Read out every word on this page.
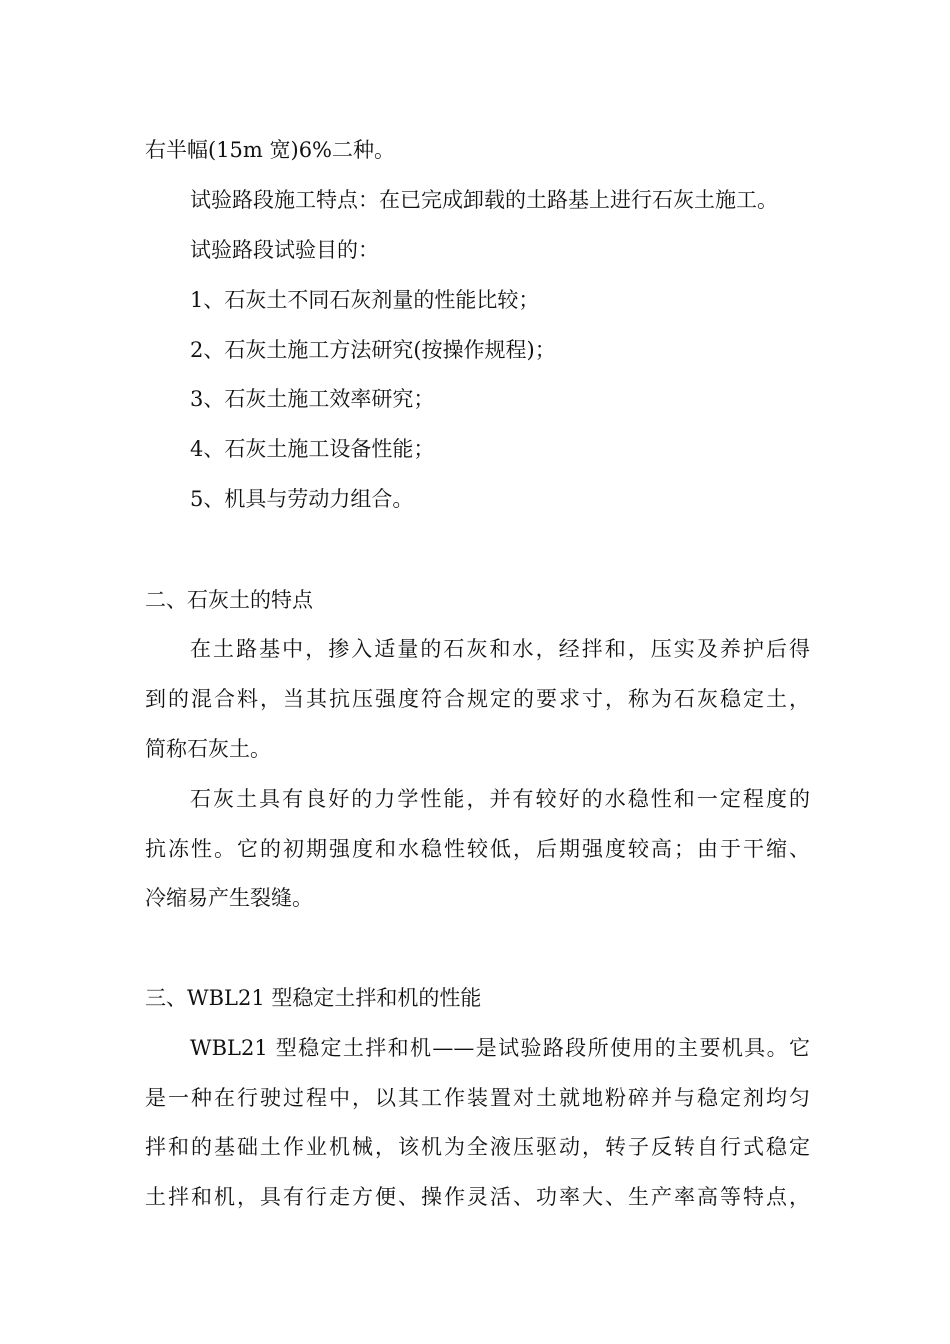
右半幅(15m 宽)6%二种。
试验路段施工特点：在已完成卸载的土路基上进行石灰土施工。
试验路段试验目的：
1、石灰土不同石灰剂量的性能比较；
2、石灰土施工方法研究(按操作规程)；
3、石灰土施工效率研究；
4、石灰土施工设备性能；
5、机具与劳动力组合。
二、石灰土的特点
在土路基中，掺入适量的石灰和水，经拌和，压实及养护后得
到的混合料，当其抗压强度符合规定的要求寸，称为石灰稳定土，
简称石灰土。
石灰土具有良好的力学性能，并有较好的水稳性和一定程度的
抗冻性。它的初期强度和水稳性较低，后期强度较高；由于干缩、
冷缩易产生裂缝。
三、WBL21 型稳定土拌和机的性能
WBL21 型稳定土拌和机——是试验路段所使用的主要机具。它
是一种在行驶过程中，以其工作装置对土就地粉碎并与稳定剂均匀
拌和的基础土作业机械，该机为全液压驱动，转子反转自行式稳定
土拌和机，具有行走方便、操作灵活、功率大、生产率高等特点，
